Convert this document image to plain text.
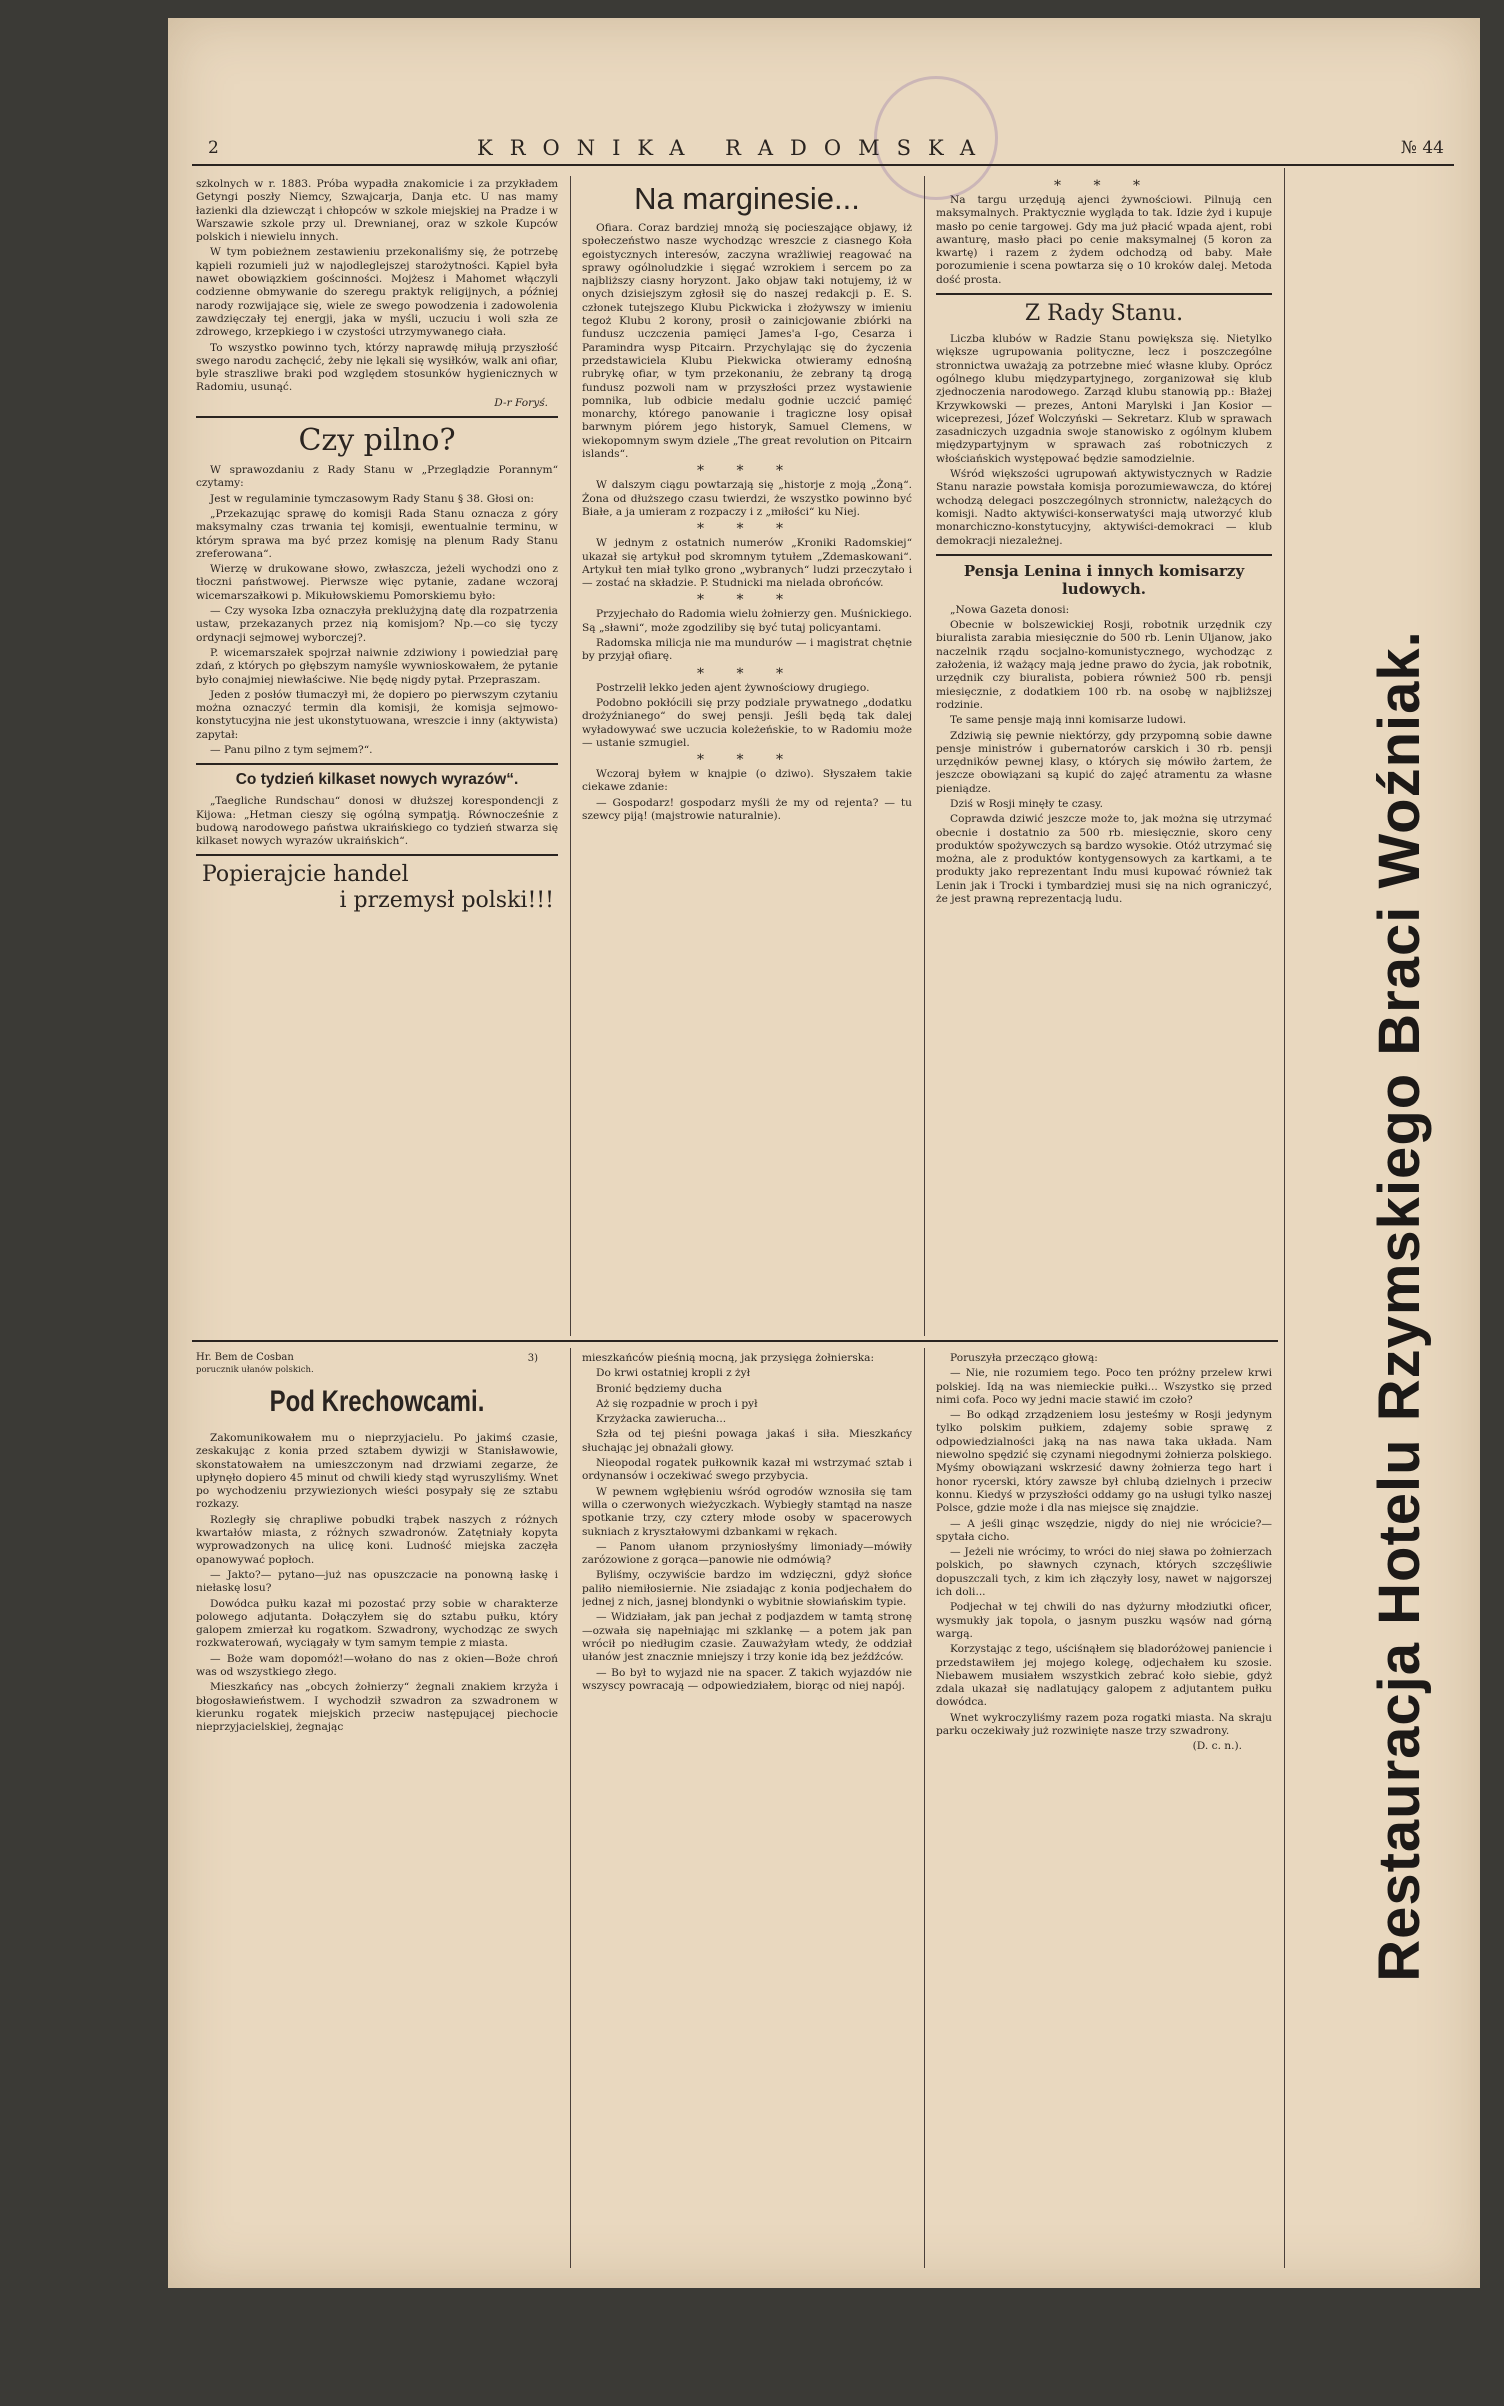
2	KRONIKA RADOMSKA	№ 44

szkolnych w r. 1883. Próba wypadła znakomicie i za przykładem Getyngi poszły Niemcy, Szwajcarja, Danja etc. U nas mamy łazienki dla dziewcząt i chłopców w szkole miejskiej na Pradze i w Warszawie szkole przy ul. Drewnianej, oraz w szkole Kupców polskich i niewielu innych.

W tym pobieżnem zestawieniu przekonaliśmy się, że potrzebę kąpieli rozumieli już w najodleglejszej starożytności. Kąpiel była nawet obowiązkiem gościnności. Mojżesz i Mahomet włączyli codzienne obmywanie do szeregu praktyk religijnych, a później narody rozwijające się, wiele ze swego powodzenia i zadowolenia zawdzięczały tej energji, jaka w myśli, uczuciu i woli szła ze zdrowego, krzepkiego i w czystości utrzymywanego ciała.

To wszystko powinno tych, którzy naprawdę miłują przyszłość swego narodu zachęcić, żeby nie lękali się wysiłków, walk ani ofiar, byle straszliwe braki pod względem stosunków hygienicznych w Radomiu, usunąć.

D-r Foryś.
Czy pilno?

W sprawozdaniu z Rady Stanu w „Przeglądzie Porannym“ czytamy:

Jest w regulaminie tymczasowym Rady Stanu § 38. Głosi on:

„Przekazując sprawę do komisji Rada Stanu oznacza z góry maksymalny czas trwania tej komisji, ewentualnie terminu, w którym sprawa ma być przez komisję na plenum Rady Stanu zreferowana“.

Wierzę w drukowane słowo, zwłaszcza, jeżeli wychodzi ono z tłoczni państwowej. Pierwsze więc pytanie, zadane wczoraj wicemarszałkowi p. Mikułowskiemu Pomorskiemu było:

— Czy wysoka Izba oznaczyła preklużyjną datę dla rozpatrzenia ustaw, przekazanych przez nią komisjom? Np.—co się tyczy ordynacji sejmowej wyborczej?.

P. wicemarszałek spojrzał naiwnie zdziwiony i powiedział parę zdań, z których po głębszym namyśle wywnioskowałem, że pytanie było conajmiej niewłaściwe. Nie będę nigdy pytał. Przepraszam.

Jeden z posłów tłumaczył mi, że dopiero po pierwszym czytaniu można oznaczyć termin dla komisji, że komisja sejmowo-konstytucyjna nie jest ukonstytuowana, wreszcie i inny (aktywista) zapytał:

— Panu pilno z tym sejmem?“.

Co tydzień kilkaset nowych wyrazów“.

„Taegliche Rundschau“ donosi w dłuższej korespondencji z Kijowa: „Hetman cieszy się ogólną sympatją. Równocześnie z budową narodowego państwa ukraińskiego co tydzień stwarza się kilkaset nowych wyrazów ukraińskich“.

Popierajcie handel
i przemysł polski!!!
Na marginesie...

Ofiara. Coraz bardziej mnożą się pocieszające objawy, iż społeczeństwo nasze wychodząc wreszcie z ciasnego Koła egoistycznych interesów, zaczyna wrażliwiej reagować na sprawy ogólnoludzkie i sięgać wzrokiem i sercem po za najbliższy ciasny horyzont. Jako objaw taki notujemy, iż w onych dzisiejszym zgłosił się do naszej redakcji p. E. S. członek tutejszego Klubu Pickwicka i złożywszy w imieniu tegoż Klubu 2 korony, prosił o zainicjowanie zbiórki na fundusz uczczenia pamięci James'a I-go, Cesarza i Paramindra wysp Pitcairn. Przychylając się do życzenia przedstawiciela Klubu Piekwicka otwieramy ednośną rubrykę ofiar, w tym przekonaniu, że zebrany tą drogą fundusz pozwoli nam w przyszłości przez wystawienie pomnika, lub odbicie medalu godnie uczcić pamięć monarchy, którego panowanie i tragiczne losy opisał barwnym piórem jego historyk, Samuel Clemens, w wiekopomnym swym dziele „The great revolution on Pitcairn islands“.

* * *

W dalszym ciągu powtarzają się „historje z moją „Żoną“. Żona od dłuższego czasu twierdzi, że wszystko powinno być Białe, a ja umieram z rozpaczy i z „miłości“ ku Niej.

* * *

W jednym z ostatnich numerów „Kroniki Radomskiej“ ukazał się artykuł pod skromnym tytułem „Zdemaskowani“. Artykuł ten miał tylko grono „wybranych“ ludzi przeczytało i — zostać na składzie. P. Studnicki ma nielada obrońców.

* * *

Przyjechało do Radomia wielu żołnierzy gen. Muśnickiego. Są „sławni“, może zgodziliby się być tutaj policyantami.

Radomska milicja nie ma mundurów — i magistrat chętnie by przyjął ofiarę.

* * *

Postrzelił lekko jeden ajent żywnościowy drugiego.

Podobno pokłócili się przy podziale prywatnego „dodatku drożyźnianego“ do swej pensji. Jeśli będą tak dalej wyładowywać swe uczucia koleżeńskie, to w Radomiu może — ustanie szmugiel.

* * *

Wczoraj byłem w knajpie (o dziwo). Słyszałem takie ciekawe zdanie:

— Gospodarz! gospodarz myśli że my od rejenta? — tu szewcy piją! (majstrowie naturalnie).

* * *

Na targu urzędują ajenci żywnościowi. Pilnują cen maksymalnych. Praktycznie wygląda to tak. Idzie żyd i kupuje masło po cenie targowej. Gdy ma już płacić wpada ajent, robi awanturę, masło płaci po cenie maksymalnej (5 koron za kwartę) i razem z żydem odchodzą od baby. Małe porozumienie i scena powtarza się o 10 kroków dalej. Metoda dość prosta.

Z Rady Stanu.

Liczba klubów w Radzie Stanu powiększa się. Nietylko większe ugrupowania polityczne, lecz i poszczególne stronnictwa uważają za potrzebne mieć własne kluby. Oprócz ogólnego klubu międzypartyjnego, zorganizował się klub zjednoczenia narodowego. Zarząd klubu stanowią pp.: Błażej Krzywkowski — prezes, Antoni Marylski i Jan Kosior — wiceprezesi, Józef Wolczyński — Sekretarz. Klub w sprawach zasadniczych uzgadnia swoje stanowisko z ogólnym klubem międzypartyjnym w sprawach zaś robotniczych z włościańskich występować będzie samodzielnie.

Wśród większości ugrupowań aktywistycznych w Radzie Stanu narazie powstała komisja porozumiewawcza, do której wchodzą delegaci poszczególnych stronnictw, należących do komisji. Nadto aktywiści-konserwatyści mają utworzyć klub monarchiczno-konstytucyjny, aktywiści-demokraci — klub demokracji niezależnej.

Pensja Lenina i innych komisarzy ludowych.

„Nowa Gazeta donosi:

Obecnie w bolszewickiej Rosji, robotnik urzędnik czy biuralista zarabia miesięcznie do 500 rb. Lenin Uljanow, jako naczelnik rządu socjalno-komunistycznego, wychodząc z założenia, iż ważący mają jedne prawo do życia, jak robotnik, urzędnik czy biuralista, pobiera również 500 rb. pensji miesięcznie, z dodatkiem 100 rb. na osobę w najbliższej rodzinie.

Te same pensje mają inni komisarze ludowi.

Zdziwią się pewnie niektórzy, gdy przypomną sobie dawne pensje ministrów i gubernatorów carskich i 30 rb. pensji urzędników pewnej klasy, o których się mówiło żartem, że jeszcze obowiązani są kupić do zajęć atramentu za własne pieniądze.

Dziś w Rosji minęły te czasy.

Coprawda dziwić jeszcze może to, jak można się utrzymać obecnie i dostatnio za 500 rb. miesięcznie, skoro ceny produktów spożywczych są bardzo wysokie. Otóż utrzymać się można, ale z produktów kontygensowych za kartkami, a te produkty jako reprezentant Indu musi kupować również tak Lenin jak i Trocki i tymbardziej musi się na nich ograniczyć, że jest prawną reprezentacją ludu.

Hr. Bem de Cosban
porucznik ułanów polskich.
3)
Pod Krechowcami.

Zakomunikowałem mu o nieprzyjacielu. Po jakimś czasie, zeskakując z konia przed sztabem dywizji w Stanisławowie, skonstatowałem na umieszczonym nad drzwiami zegarze, że upłynęło dopiero 45 minut od chwili kiedy stąd wyruszyliśmy. Wnet po wychodzeniu przywiezionych wieści posypały się ze sztabu rozkazy.

Rozległy się chrapliwe pobudki trąbek naszych z różnych kwartałów miasta, z różnych szwadronów. Zatętniały kopyta wyprowadzonych na ulicę koni. Ludność miejska zaczęła opanowywać popłoch.

— Jakto?— pytano—już nas opuszczacie na ponowną łaskę i niełaskę losu?

Dowódca pułku kazał mi pozostać przy sobie w charakterze polowego adjutanta. Dołączyłem się do sztabu pułku, który galopem zmierzał ku rogatkom. Szwadrony, wychodząc ze swych rozkwaterowań, wyciągały w tym samym tempie z miasta.

— Boże wam dopomóż!—wołano do nas z okien—Boże chroń was od wszystkiego złego.

Mieszkańcy nas „obcych żołnierzy“ żegnali znakiem krzyża i błogosławieństwem. I wychodził szwadron za szwadronem w kierunku rogatek miejskich przeciw następującej piechocie nieprzyjacielskiej, żegnając

mieszkańców pieśnią mocną, jak przysięga żołnierska:

Do krwi ostatniej kropli z żył

Bronić będziemy ducha

Aż się rozpadnie w proch i pył

Krzyżacka zawierucha...

Szła od tej pieśni powaga jakaś i siła. Mieszkańcy słuchając jej obnażali głowy.

Nieopodal rogatek pułkownik kazał mi wstrzymać sztab i ordynansów i oczekiwać swego przybycia.

W pewnem wgłębieniu wśród ogrodów wznosiła się tam willa o czerwonych wieżyczkach. Wybiegły stamtąd na nasze spotkanie trzy, czy cztery młode osoby w spacerowych sukniach z kryształowymi dzbankami w rękach.

— Panom ułanom przyniosłyśmy limoniady—mówiły zarózowione z gorąca—panowie nie odmówią?

Byliśmy, oczywiście bardzo im wdzięczni, gdyż słońce paliło niemiłosiernie. Nie zsiadając z konia podjechałem do jednej z nich, jasnej blondynki o wybitnie słowiańskim typie.

— Widziałam, jak pan jechał z podjazdem w tamtą stronę—ozwała się napełniając mi szklankę — a potem jak pan wrócił po niedługim czasie. Zauważyłam wtedy, że oddział ułanów jest znacznie mniejszy i trzy konie idą bez jeźdźców.

— Bo był to wyjazd nie na spacer. Z takich wyjazdów nie wszyscy powracają — odpowiedziałem, biorąc od niej napój.

Poruszyła przecząco głową:

— Nie, nie rozumiem tego. Poco ten próżny przelew krwi polskiej. Idą na was niemieckie pułki... Wszystko się przed nimi cofa. Poco wy jedni macie stawić im czoło?

— Bo odkąd zrządzeniem losu jesteśmy w Rosji jedynym tylko polskim pułkiem, zdajemy sobie sprawę z odpowiedzialności jaką na nas nawa taka układa. Nam niewolno spędzić się czynami niegodnymi żołnierza polskiego. Myśmy obowiązani wskrzesić dawny żołnierza tego hart i honor rycerski, który zawsze był chlubą dzielnych i przeciw konnu. Kiedyś w przyszłości oddamy go na usługi tylko naszej Polsce, gdzie może i dla nas miejsce się znajdzie.

— A jeśli ginąc wszędzie, nigdy do niej nie wrócicie?—spytała cicho.

— Jeżeli nie wrócimy, to wróci do niej sława po żołnierzach polskich, po sławnych czynach, których szczęśliwie dopuszczali tych, z kim ich złączyły losy, nawet w najgorszej ich doli...

Podjechał w tej chwili do nas dyżurny młodziutki oficer, wysmukły jak topola, o jasnym puszku wąsów nad górną wargą.

Korzystając z tego, uściśnąłem się bladoróżowej paniencie i przedstawiłem jej mojego kolegę, odjechałem ku szosie. Niebawem musiałem wszystkich zebrać koło siebie, gdyż zdala ukazał się nadlatujący galopem z adjutantem pułku dowódca.

Wnet wykroczyliśmy razem poza rogatki miasta. Na skraju parku oczekiwały już rozwinięte nasze trzy szwadrony.

(D. c. n.). Restauracja Hotelu Rzymskiego Braci Woźniak.
